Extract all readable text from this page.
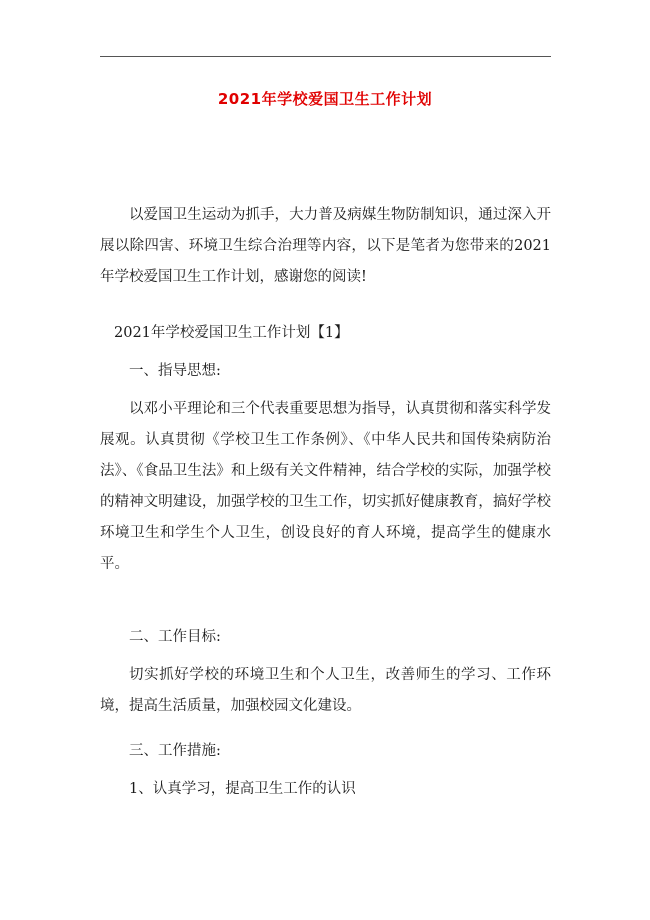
2021年学校爱国卫生工作计划

以爱国卫生运动为抓手，大力普及病媒生物防制知识，通过深入开展以除四害、环境卫生综合治理等内容，以下是笔者为您带来的2021年学校爱国卫生工作计划，感谢您的阅读!

2021年学校爱国卫生工作计划【1】

一、指导思想:

以邓小平理论和三个代表重要思想为指导，认真贯彻和落实科学发展观。认真贯彻《学校卫生工作条例》、《中华人民共和国传染病防治法》、《食品卫生法》和上级有关文件精神，结合学校的实际，加强学校的精神文明建设，加强学校的卫生工作，切实抓好健康教育，搞好学校环境卫生和学生个人卫生，创设良好的育人环境，提高学生的健康水平。

二、工作目标:

切实抓好学校的环境卫生和个人卫生，改善师生的学习、工作环境，提高生活质量，加强校园文化建设。

三、工作措施:

1、认真学习，提高卫生工作的认识
